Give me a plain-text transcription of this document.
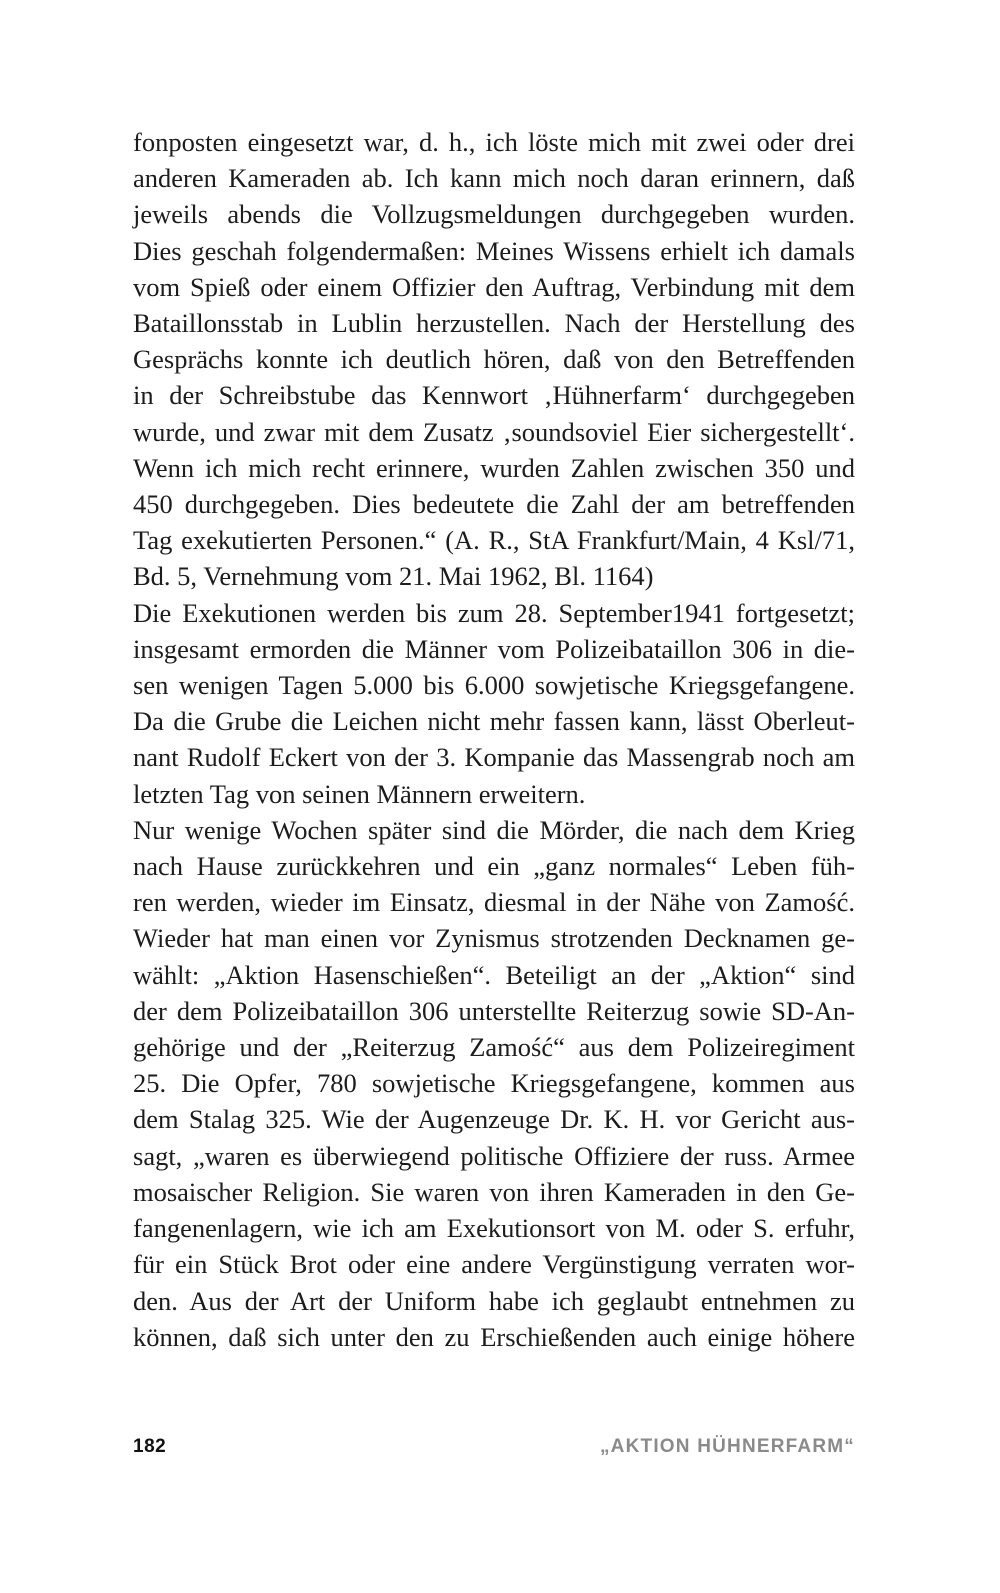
fonposten eingesetzt war, d. h., ich löste mich mit zwei oder drei
anderen Kameraden ab. Ich kann mich noch daran erinnern, daß
jeweils abends die Vollzugsmeldungen durchgegeben wurden.
Dies geschah folgendermaßen: Meines Wissens erhielt ich damals
vom Spieß oder einem Offizier den Auftrag, Verbindung mit dem
Bataillonsstab in Lublin herzustellen. Nach der Herstellung des
Gesprächs konnte ich deutlich hören, daß von den Betreffenden
in der Schreibstube das Kennwort ‚Hühnerfarm‘ durchgegeben
wurde, und zwar mit dem Zusatz ‚soundsoviel Eier sichergestellt‘.
Wenn ich mich recht erinnere, wurden Zahlen zwischen 350 und
450 durchgegeben. Dies bedeutete die Zahl der am betreffenden
Tag exekutierten Personen.“ (A. R., StA Frankfurt/Main, 4 Ksl/71,
Bd. 5, Vernehmung vom 21. Mai 1962, Bl. 1164)

Die Exekutionen werden bis zum 28. September1941 fortgesetzt;
insgesamt ermorden die Männer vom Polizeibataillon 306 in die-
sen wenigen Tagen 5.000 bis 6.000 sowjetische Kriegsgefangene.
Da die Grube die Leichen nicht mehr fassen kann, lässt Oberleut-
nant Rudolf Eckert von der 3. Kompanie das Massengrab noch am
letzten Tag von seinen Männern erweitern.

Nur wenige Wochen später sind die Mörder, die nach dem Krieg
nach Hause zurückkehren und ein „ganz normales“ Leben füh-
ren werden, wieder im Einsatz, diesmal in der Nähe von Zamość.
Wieder hat man einen vor Zynismus strotzenden Decknamen ge-
wählt: „Aktion Hasenschießen“. Beteiligt an der „Aktion“ sind
der dem Polizeibataillon 306 unterstellte Reiterzug sowie SD-An-
gehörige und der „Reiterzug Zamość“ aus dem Polizeiregiment
25. Die Opfer, 780 sowjetische Kriegsgefangene, kommen aus
dem Stalag 325. Wie der Augenzeuge Dr. K. H. vor Gericht aus-
sagt, „waren es überwiegend politische Offiziere der russ. Armee
mosaischer Religion. Sie waren von ihren Kameraden in den Ge-
fangenenlagern, wie ich am Exekutionsort von M. oder S. erfuhr,
für ein Stück Brot oder eine andere Vergünstigung verraten wor-
den. Aus der Art der Uniform habe ich geglaubt entnehmen zu
können, daß sich unter den zu Erschießenden auch einige höhere

182	„AKTION HÜHNERFARM“
